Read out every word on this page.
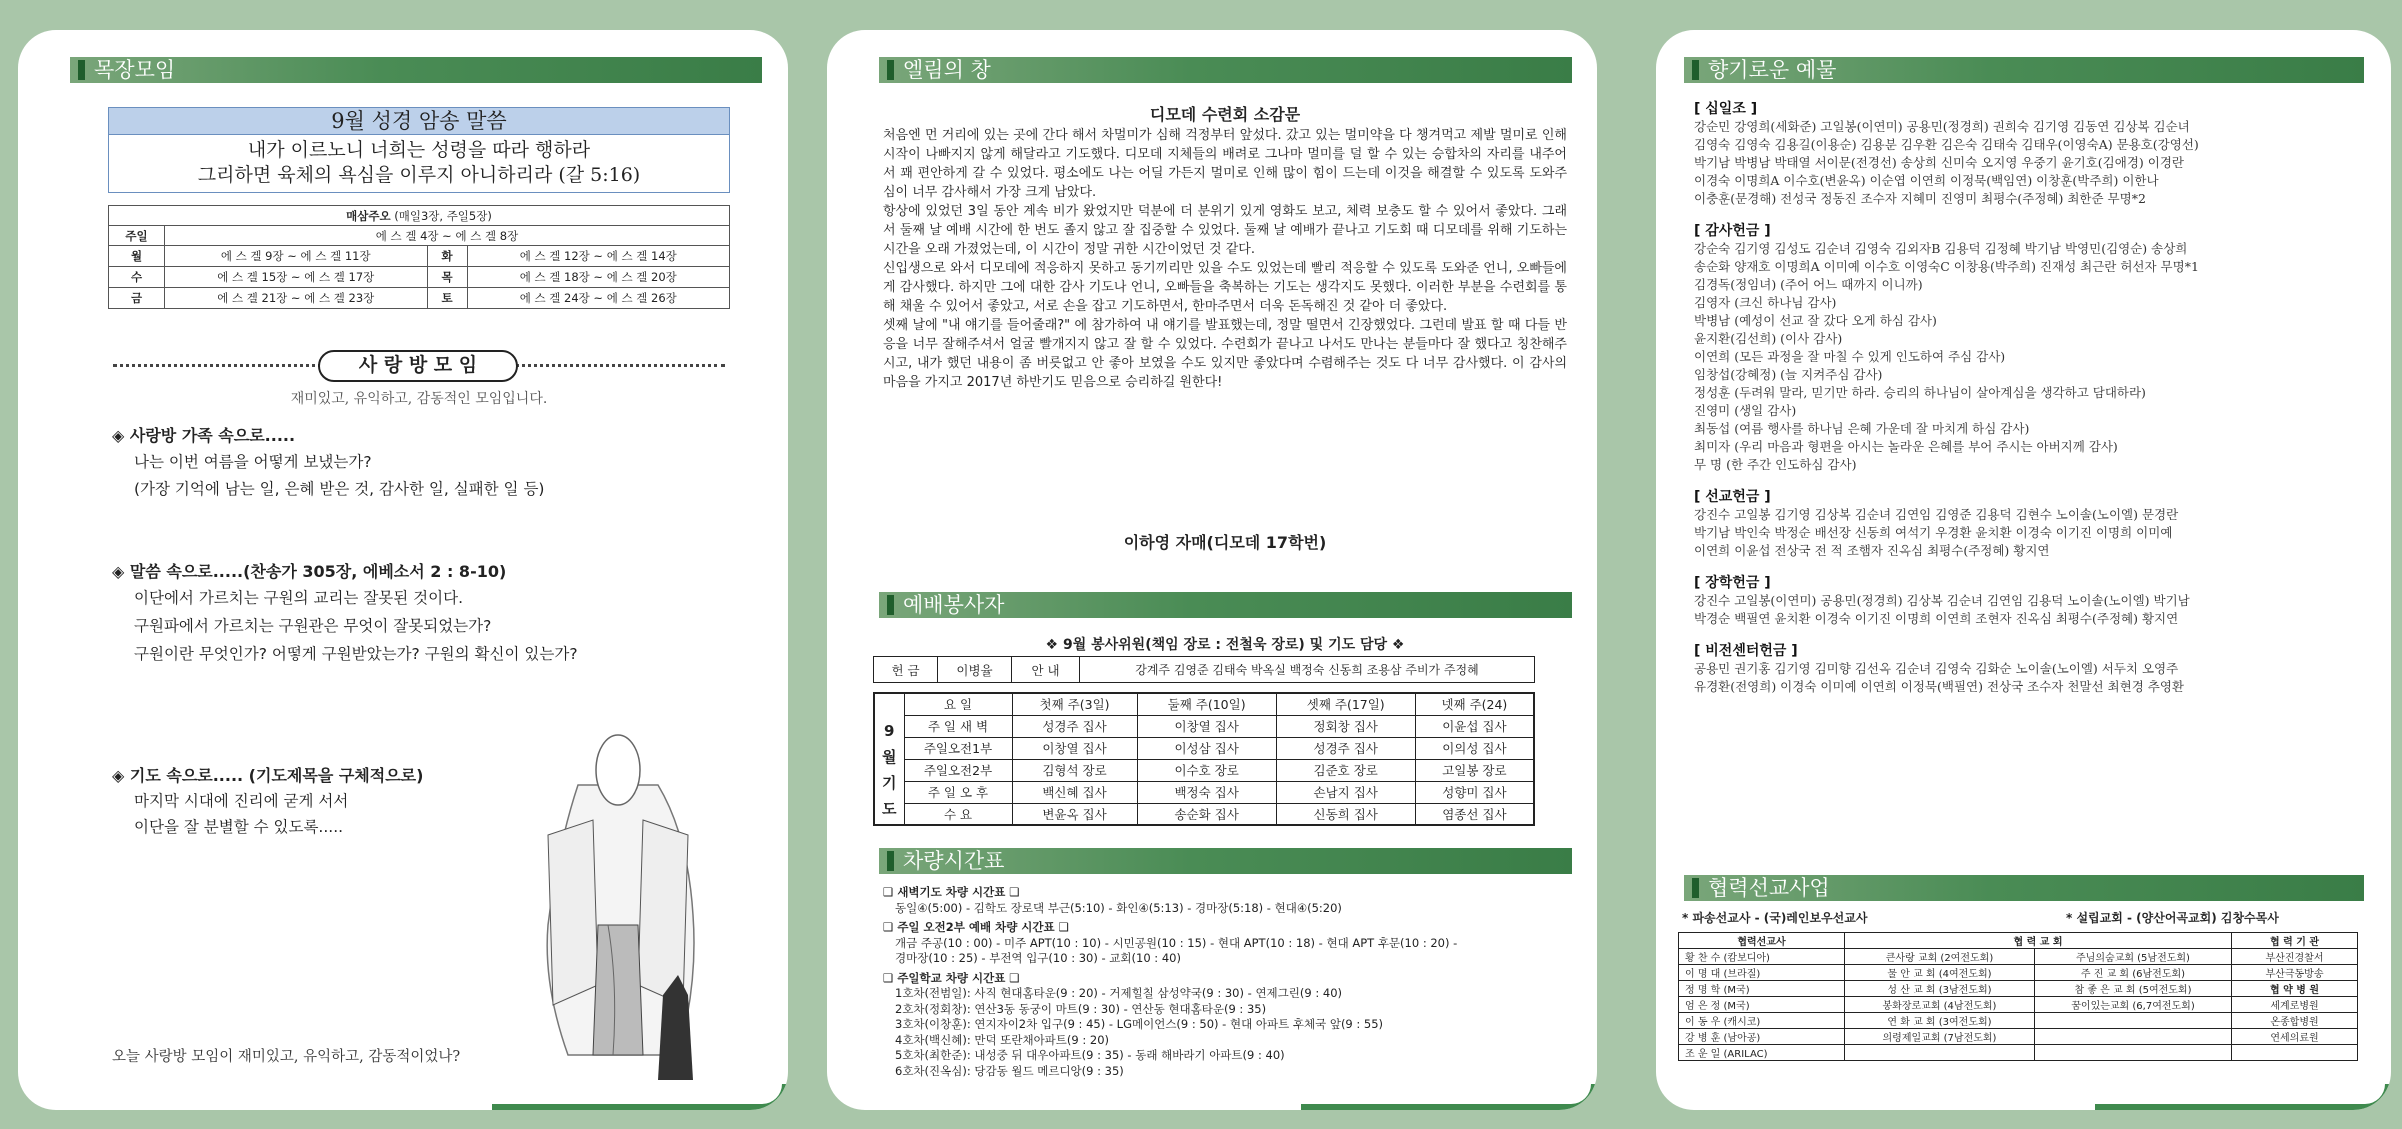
목장모임
9월 성경 암송 말씀
내가 이르노니 너희는 성령을 따라 행하라
그리하면 육체의 욕심을 이루지 아니하리라 (갈 5:16)
매삼주오 (매일3장, 주일5장)			
주일	에 스 겔 4장 ~ 에 스 겔 8장		
월	에 스 겔 9장 ~ 에 스 겔 11장	화	에 스 겔 12장 ~ 에 스 겔 14장
수	에 스 겔 15장 ~ 에 스 겔 17장	목	에 스 겔 18장 ~ 에 스 겔 20장
금	에 스 겔 21장 ~ 에 스 겔 23장	토	에 스 겔 24장 ~ 에 스 겔 26장
사 랑 방 모 임
재미있고, 유익하고, 감동적인 모임입니다.
◈ 사랑방 가족 속으로.....
나는 이번 여름을 어떻게 보냈는가?
(가장 기억에 남는 일, 은혜 받은 것, 감사한 일, 실패한 일 등)
◈ 말씀 속으로.....(찬송가 305장, 에베소서 2 : 8-10)
이단에서 가르치는 구원의 교리는 잘못된 것이다.
구원파에서 가르치는 구원관은 무엇이 잘못되었는가?
구원이란 무엇인가? 어떻게 구원받았는가? 구원의 확신이 있는가?
◈ 기도 속으로..... (기도제목을 구체적으로)
마지막 시대에 진리에 굳게 서서
이단을 잘 분별할 수 있도록.....
오늘 사랑방 모임이 재미있고, 유익하고, 감동적이었나?
엘림의 창
디모데 수련회 소감문

처음엔 먼 거리에 있는 곳에 간다 해서 차멀미가 심해 걱정부터 앞섰다. 갔고 있는 멀미약을 다 챙겨먹고 제발 멀미로 인해 시작이 나빠지지 않게 해달라고 기도했다. 디모데 지체들의 배려로 그나마 멀미를 덜 할 수 있는 승합차의 자리를 내주어서 꽤 편안하게 갈 수 있었다. 평소에도 나는 어딜 가든지 멀미로 인해 많이 힘이 드는데 이것을 해결할 수 있도록 도와주심이 너무 감사해서 가장 크게 남았다.

항상에 있었던 3일 동안 계속 비가 왔었지만 덕분에 더 분위기 있게 영화도 보고, 체력 보충도 할 수 있어서 좋았다. 그래서 둘째 날 예배 시간에 한 번도 졸지 않고 잘 집중할 수 있었다. 둘째 날 예배가 끝나고 기도회 때 디모데를 위해 기도하는 시간을 오래 가졌었는데, 이 시간이 정말 귀한 시간이었던 것 같다.

신입생으로 와서 디모데에 적응하지 못하고 동기끼리만 있을 수도 있었는데 빨리 적응할 수 있도록 도와준 언니, 오빠들에게 감사했다. 하지만 그에 대한 감사 기도나 언니, 오빠들을 축복하는 기도는 생각지도 못했다. 이러한 부분을 수련회를 통해 채울 수 있어서 좋았고, 서로 손을 잡고 기도하면서, 한마주면서 더욱 돈독해진 것 같아 더 좋았다.

셋째 날에 "내 얘기를 들어줄래?" 에 참가하여 내 얘기를 발표했는데, 정말 떨면서 긴장했었다. 그런데 발표 할 때 다들 반응을 너무 잘해주셔서 얼굴 빨개지지 않고 잘 할 수 있었다. 수련회가 끝나고 나서도 만나는 분들마다 잘 했다고 칭찬해주시고, 내가 했던 내용이 좀 버릇없고 안 좋아 보였을 수도 있지만 좋았다며 수렴해주는 것도 다 너무 감사했다. 이 감사의 마음을 가지고 2017년 하반기도 믿음으로 승리하길 원한다!

이하영 자매(디모데 17학번)
예배봉사자
❖ 9월 봉사위원(책임 장로 : 전철욱 장로) 및 기도 담당 ❖
헌 금	이병율	안 내	강계주 김영준 김태숙 박옥실 백정숙 신동희 조용삼 주비가 주정혜
	요 일	첫째 주(3일)	둘째 주(10일)	셋째 주(17일)	넷째 주(24)

9
월
기
도	주 일 새 벽	성경주 집사	이창열 집사	정회창 집사	이윤섭 집사
	주일오전1부	이창열 집사	이성삼 집사	성경주 집사	이의성 집사
	주일오전2부	김형석 장로	이수호 장로	김준호 장로	고일봉 장로
	주 일 오 후	백신혜 집사	백정숙 집사	손남지 집사	성향미 집사
	수 요	변윤옥 집사	송순화 집사	신동희 집사	염종선 집사
차량시간표
❑ 새벽기도 차량 시간표 ❑
동일④(5:00) - 김학도 장로댁 부근(5:10) - 화인④(5:13) - 경마장(5:18) - 현대④(5:20)
❑ 주일 오전2부 예배 차량 시간표 ❑
개금 주공(10 : 00) - 미주 APT(10 : 10) - 시민공원(10 : 15) - 현대 APT(10 : 18) - 현대 APT 후문(10 : 20) -
경마장(10 : 25) - 부전역 입구(10 : 30) - 교회(10 : 40)
❑ 주일학교 차량 시간표 ❑
1호차(전범일): 사직 현대홈타운(9 : 20) - 거제힐칠 삼성약국(9 : 30) - 연제그린(9 : 40)
2호차(정회창): 연산3동 동궁이 마트(9 : 30) - 연산동 현대홈타운(9 : 35)
3호차(이창훈): 연지자이2차 입구(9 : 45) - LG메이언스(9 : 50) - 현대 아파트 후체국 앞(9 : 55)
4호차(백신혜): 만덕 또란채아파트(9 : 20)
5호차(최한준): 내성중 뒤 대우아파트(9 : 35) - 동래 해바라기 아파트(9 : 40)
6호차(진옥심): 당감동 월드 메르디앙(9 : 35)
향기로운 예물
[ 십일조 ]
강순민 강영희(세화준) 고일봉(이연미) 공용민(정경희) 권희숙 김기영 김동연 김상복 김순녀
김영숙 김영숙 김용길(이용순) 김용분 김우환 김은숙 김태숙 김태우(이영숙A) 문용호(강영선)
박기남 박병남 박태열 서이문(전경선) 송상희 신미숙 오지영 우중기 윤기호(김애경) 이경란
이경숙 이명희A 이수호(변윤옥) 이순엽 이연희 이정묵(백임연) 이창훈(박주희) 이한나
이충훈(문경해) 전성국 정동진 조수자 지혜미 진영미 최평수(주정혜) 최한준 무명*2
[ 감사헌금 ]
강순숙 김기영 김성도 김순녀 김영숙 김외자B 김용덕 김정혜 박기남 박영민(김영순) 송상희
송순화 양재호 이명희A 이미예 이수호 이영숙C 이창용(박주희) 진재성 최근란 허선자 무명*1
김경독(정임녀) (주어 어느 때까지 이니까)
김영자 (크신 하나님 감사)
박병남 (예성이 선교 잘 갔다 오게 하심 감사)
윤지환(김선희) (이사 감사)
이연희 (모든 과정을 잘 마칠 수 있게 인도하여 주심 감사)
임창섭(강혜정) (늘 지켜주심 감사)
정성훈 (두려워 말라, 믿기만 하라. 승리의 하나님이 살아계심을 생각하고 담대하라)
진영미 (생일 감사)
최동섭 (여름 행사를 하나님 은혜 가운데 잘 마치게 하심 감사)
최미자 (우리 마음과 형편을 아시는 놀라운 은혜를 부어 주시는 아버지께 감사)
무 명 (한 주간 인도하심 감사)
[ 선교헌금 ]
강진수 고일봉 김기영 김상복 김순녀 김연임 김영준 김용덕 김현수 노이솔(노이엘) 문경란
박기남 박인숙 박정순 배선장 신동희 여석기 우경환 윤치환 이경숙 이기진 이명희 이미예
이연희 이윤섭 전상국 전 적 조햄자 진옥심 최평수(주정혜) 황지연
[ 장학헌금 ]
강진수 고일봉(이연미) 공용민(정경희) 김상복 김순녀 김연임 김용덕 노이솔(노이엘) 박기남
박경순 백필연 윤치환 이경숙 이기진 이명희 이연희 조현자 진옥심 최평수(주정혜) 황지연
[ 비전센터헌금 ]
공용민 권기홍 김기영 김미향 김선옥 김순녀 김영숙 김화순 노이솔(노이엘) 서두치 오영주
유경환(전영희) 이경숙 이미예 이연희 이정묵(백필연) 전상국 조수자 천말선 최현경 추영환
협력선교사업
* 파송선교사 - (국)레인보우선교사	* 설립교회 - (양산어곡교회) 김창수목사
협력선교사	협 력 교 회		협 력 기 관
황 찬 수 (캄보디아)	큰사랑 교회 (2여전도회)	주님의숨교회 (5남전도회)	부산진경찰서
이 명 대 (브라질)	물 안 교 회 (4여전도회)	주 진 교 회 (6남전도회)	부산극동방송
정 명 학 (M국)	성 산 교 회 (3남전도회)	참 좋 은 교 회 (5여전도회)	협 약 병 원
엄 은 정 (M국)	봉화장로교회 (4남전도회)	꿈이있는교회 (6,7여전도회)	세계로병원
이 동 우 (캐시코)	연 화 교 회 (3여전도회)		온종합병원
강 병 훈 (남아공)	의령제일교회 (7남전도회)		연세의료원
조 운 일 (ARILAC)			
